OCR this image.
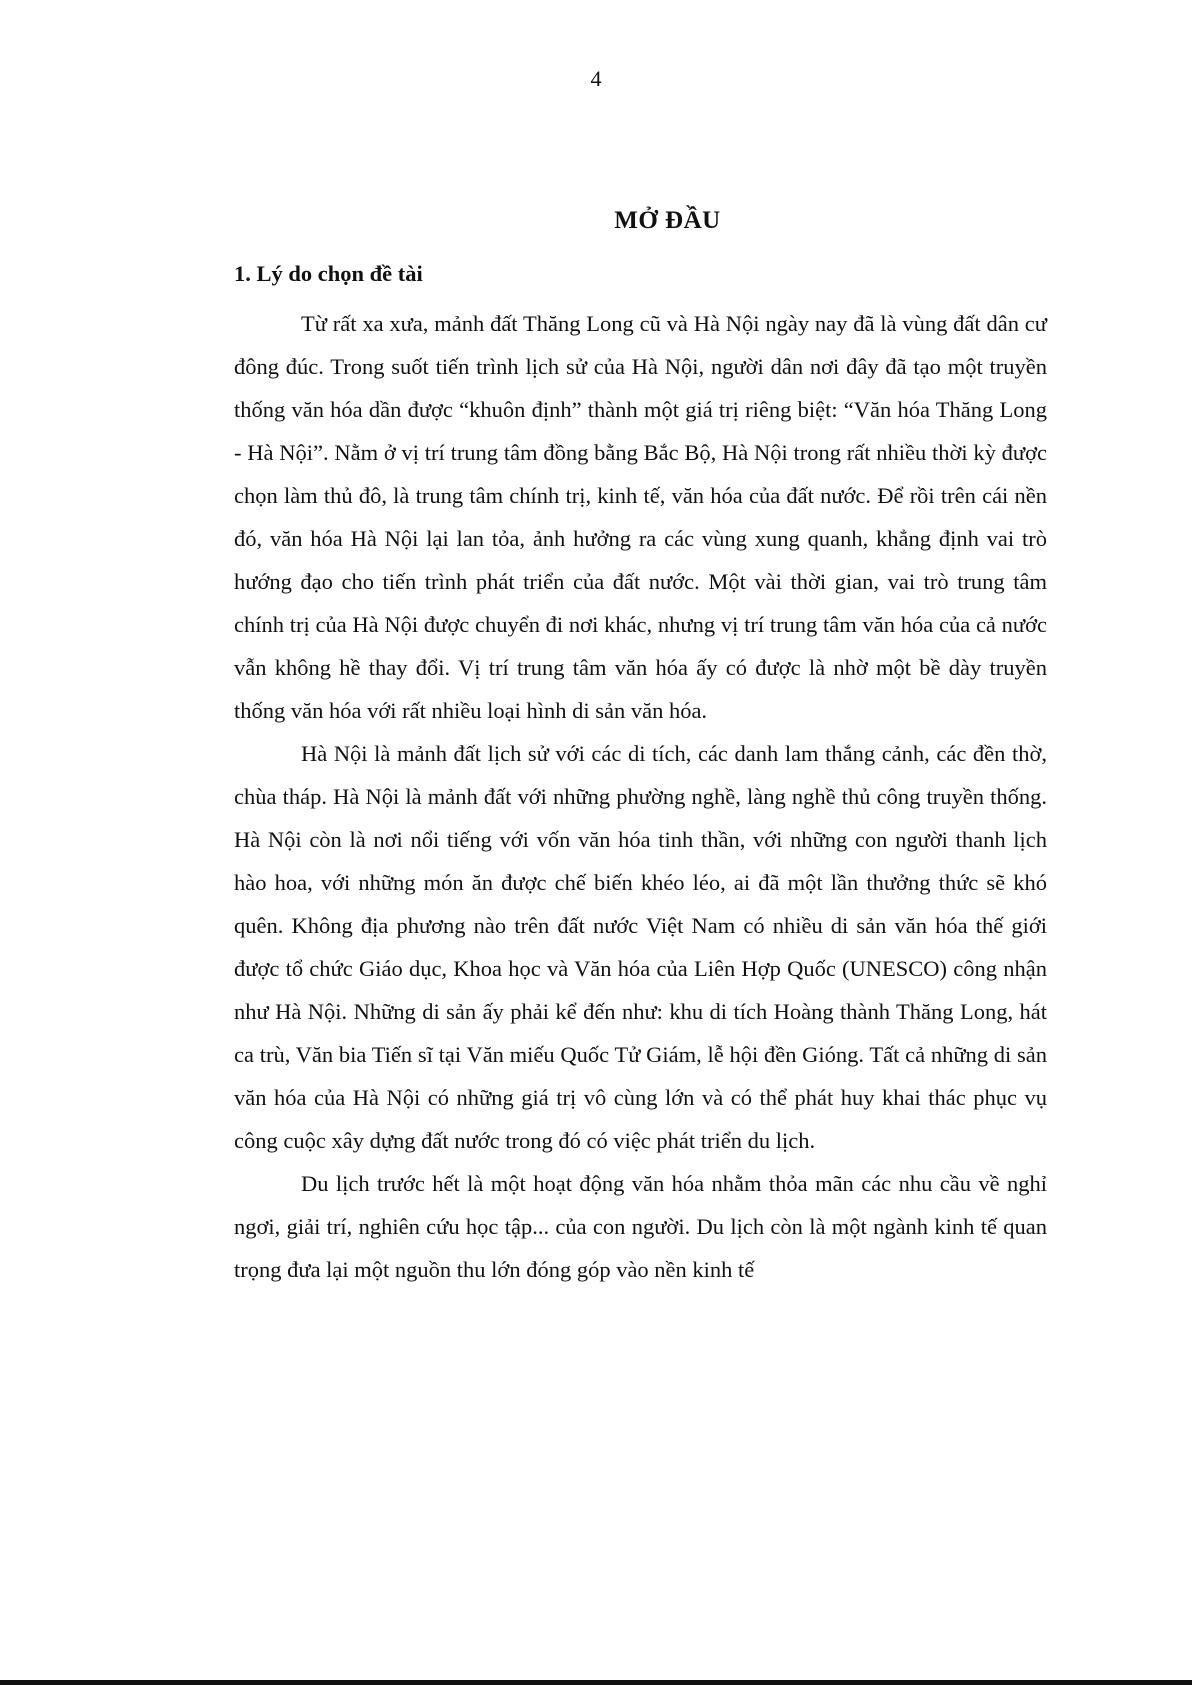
4
MỞ ĐẦU
1. Lý do chọn đề tài

Từ rất xa xưa, mảnh đất Thăng Long cũ và Hà Nội ngày nay đã là vùng đất dân cư đông đúc. Trong suốt tiến trình lịch sử của Hà Nội, người dân nơi đây đã tạo một truyền thống văn hóa dần được “khuôn định” thành một giá trị riêng biệt: “Văn hóa Thăng Long - Hà Nội”. Nằm ở vị trí trung tâm đồng bằng Bắc Bộ, Hà Nội trong rất nhiều thời kỳ được chọn làm thủ đô, là trung tâm chính trị, kinh tế, văn hóa của đất nước. Để rồi trên cái nền đó, văn hóa Hà Nội lại lan tỏa, ảnh hưởng ra các vùng xung quanh, khẳng định vai trò hướng đạo cho tiến trình phát triển của đất nước. Một vài thời gian, vai trò trung tâm chính trị của Hà Nội được chuyển đi nơi khác, nhưng vị trí trung tâm văn hóa của cả nước vẫn không hề thay đổi. Vị trí trung tâm văn hóa ấy có được là nhờ một bề dày truyền thống văn hóa với rất nhiều loại hình di sản văn hóa.

Hà Nội là mảnh đất lịch sử với các di tích, các danh lam thắng cảnh, các đền thờ, chùa tháp. Hà Nội là mảnh đất với những phường nghề, làng nghề thủ công truyền thống. Hà Nội còn là nơi nổi tiếng với vốn văn hóa tinh thần, với những con người thanh lịch hào hoa, với những món ăn được chế biến khéo léo, ai đã một lần thưởng thức sẽ khó quên. Không địa phương nào trên đất nước Việt Nam có nhiều di sản văn hóa thế giới được tổ chức Giáo dục, Khoa học và Văn hóa của Liên Hợp Quốc (UNESCO) công nhận như Hà Nội. Những di sản ấy phải kể đến như: khu di tích Hoàng thành Thăng Long, hát ca trù, Văn bia Tiến sĩ tại Văn miếu Quốc Tử Giám, lễ hội đền Gióng. Tất cả những di sản văn hóa của Hà Nội có những giá trị vô cùng lớn và có thể phát huy khai thác phục vụ công cuộc xây dựng đất nước trong đó có việc phát triển du lịch.

Du lịch trước hết là một hoạt động văn hóa nhằm thỏa mãn các nhu cầu về nghỉ ngơi, giải trí, nghiên cứu học tập... của con người. Du lịch còn là một ngành kinh tế quan trọng đưa lại một nguồn thu lớn đóng góp vào nền kinh tế
